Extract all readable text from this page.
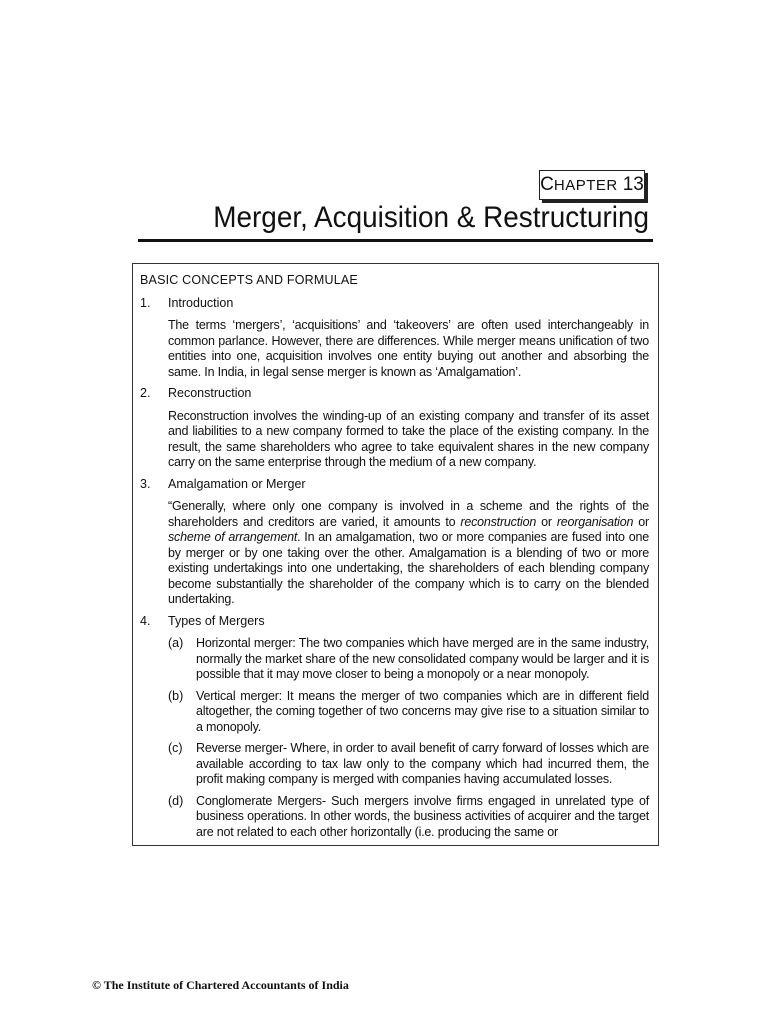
C HAPTER 13
Merger, Acquisition & Restructuring
BASIC CONCEPTS AND FORMULAE
1.	Introduction

The terms ‘mergers’, ‘acquisitions’ and ‘takeovers’ are often used interchangeably in common parlance. However, there are differences. While merger means unification of two entities into one, acquisition involves one entity buying out another and absorbing the same. In India, in legal sense merger is known as ‘Amalgamation’.

2.	Reconstruction

Reconstruction involves the winding-up of an existing company and transfer of its asset and liabilities to a new company formed to take the place of the existing company. In the result, the same shareholders who agree to take equivalent shares in the new company carry on the same enterprise through the medium of a new company.

3.	Amalgamation or Merger

“Generally, where only one company is involved in a scheme and the rights of the shareholders and creditors are varied, it amounts to reconstruction or reorganisation or scheme of arrangement. In an amalgamation, two or more companies are fused into one by merger or by one taking over the other. Amalgamation is a blending of two or more existing undertakings into one undertaking, the shareholders of each blending company become substantially the shareholder of the company which is to carry on the blended undertaking.

4.	Types of Mergers
(a)	Horizontal merger: The two companies which have merged are in the same industry, normally the market share of the new consolidated company would be larger and it is possible that it may move closer to being a monopoly or a near monopoly.
(b)	Vertical merger: It means the merger of two companies which are in different field altogether, the coming together of two concerns may give rise to a situation similar to a monopoly.
(c)	Reverse merger- Where, in order to avail benefit of carry forward of losses which are available according to tax law only to the company which had incurred them, the profit making company is merged with companies having accumulated losses.
(d)	Conglomerate Mergers- Such mergers involve firms engaged in unrelated type of business operations. In other words, the business activities of acquirer and the target are not related to each other horizontally (i.e. producing the same or
© The Institute of Chartered Accountants of India
